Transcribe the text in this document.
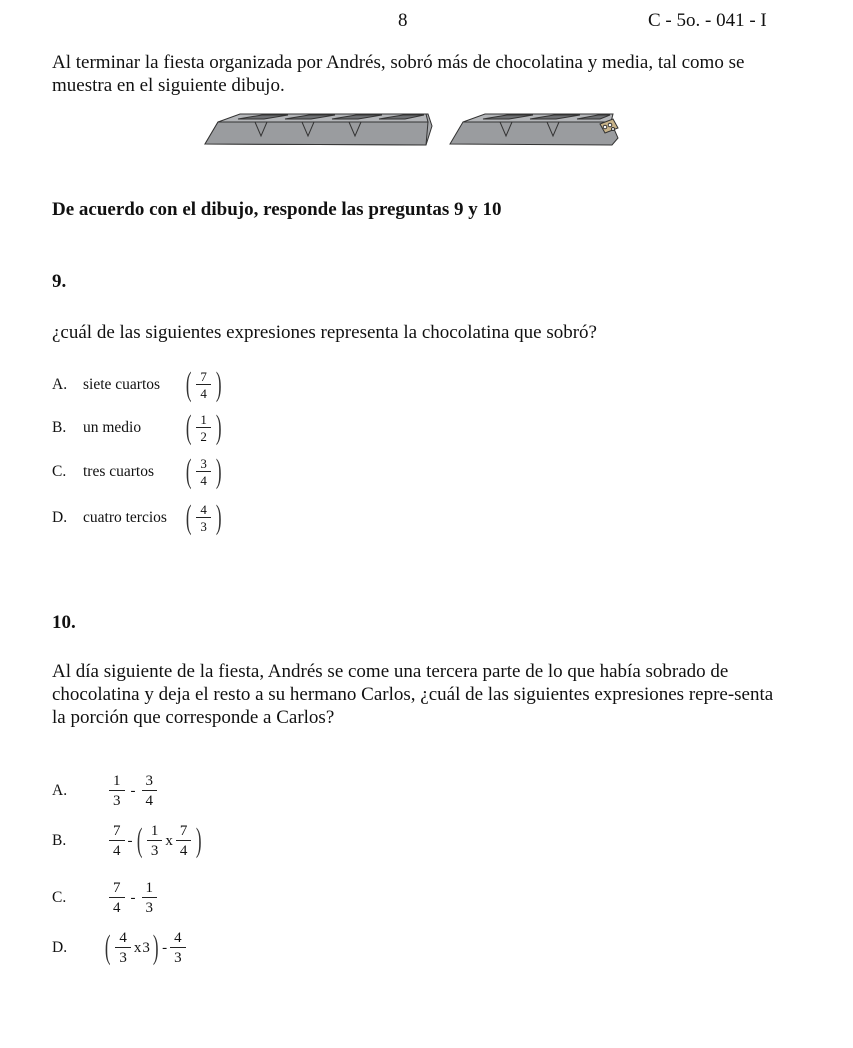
8	C - 5o. - 041 - I
Al terminar la fiesta organizada por Andrés, sobró más de chocolatina y media, tal como se muestra en el siguiente dibujo.
De acuerdo con el dibujo, responde las preguntas 9 y 10
9.
¿cuál de las siguientes expresiones representa la chocolatina que sobró?
A.	siete cuartos ( $\frac{7}{4}$ )
B.	un medio	( $\frac{1}{2}$ )
C.	tres cuartos ( $\frac{3}{4}$ )
D.	cuatro tercios ( $\frac{4}{3}$ )
10.
Al día siguiente de la fiesta, Andrés se come una tercera parte de lo que había sobrado de chocolatina y deja el resto a su hermano Carlos, ¿cuál de las siguientes expresiones repre-senta la porción que corresponde a Carlos?
A.	$\frac{1}{3} - \frac{3}{4}$
B.	$\frac{7}{4}$ - ( $\frac{1}{3}$ x $\frac{7}{4}$ )
C.	$\frac{7}{4} - \frac{1}{3}$
D.	( $\frac{4}{3}$ x 3 ) - $\frac{4}{3}$
